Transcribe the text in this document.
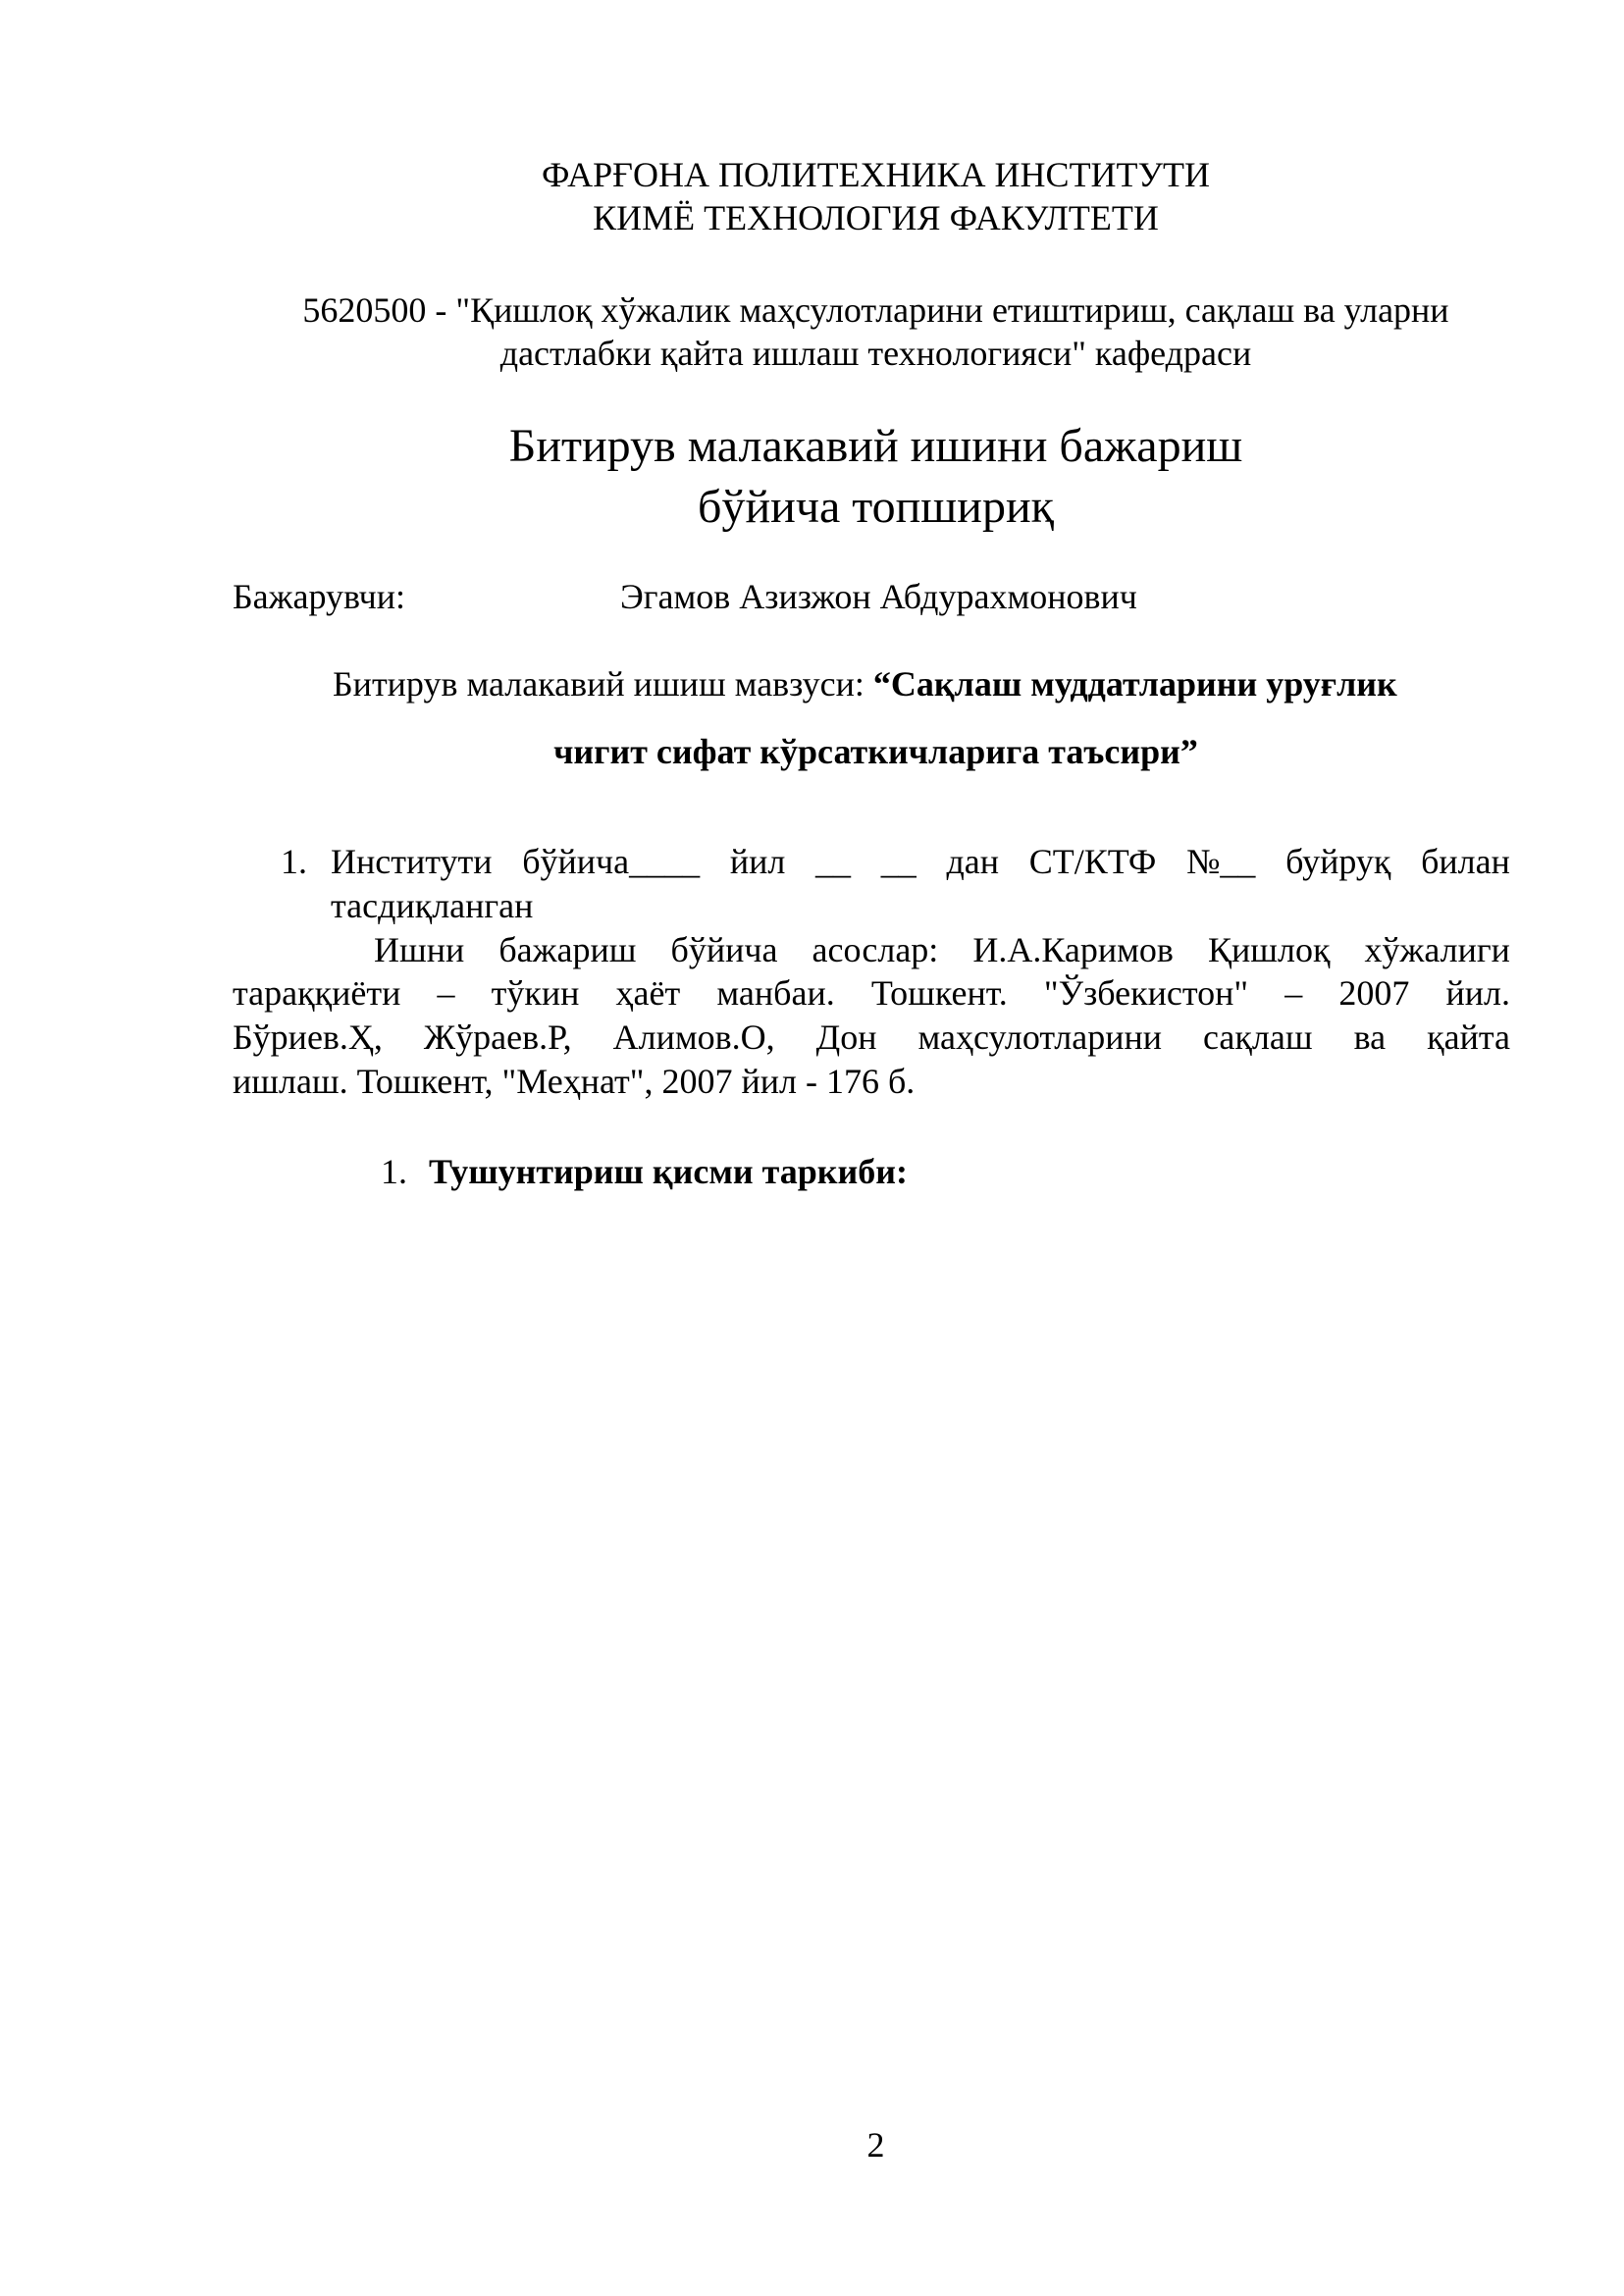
ФАРҒОНА ПОЛИТЕХНИКА ИНСТИТУТИ
КИМЁ ТЕХНОЛОГИЯ ФАКУЛТЕТИ
5620500 - "Қишлоқ хўжалик маҳсулотларини етиштириш, сақлаш ва уларни
дастлабки қайта ишлаш технологияси" кафедраси
Битирув малакавий ишини бажариш
бўйича топшириқ
Бажарувчи:	Эгамов Азизжон Абдурахмонович
Битирув малакавий ишиш мавзуси: “Сақлаш муддатларини уруғлик
чигит сифат кўрсаткичларига таъсири”
1. Институти бўйича____ йил __ __ дан СТ/КТФ №__ буйруқ билан
тасдиқланган
Ишни бажариш бўйича асослар: И.А.Каримов Қишлоқ хўжалиги
тараққиёти – тўкин ҳаёт манбаи. Тошкент. "Ўзбекистон" – 2007 йил.
Бўриев.Ҳ, Жўраев.Р, Алимов.О, Дон маҳсулотларини сақлаш ва қайта
ишлаш. Тошкент, "Меҳнат", 2007 йил - 176 б.
1. Тушунтириш қисми таркиби:
2
